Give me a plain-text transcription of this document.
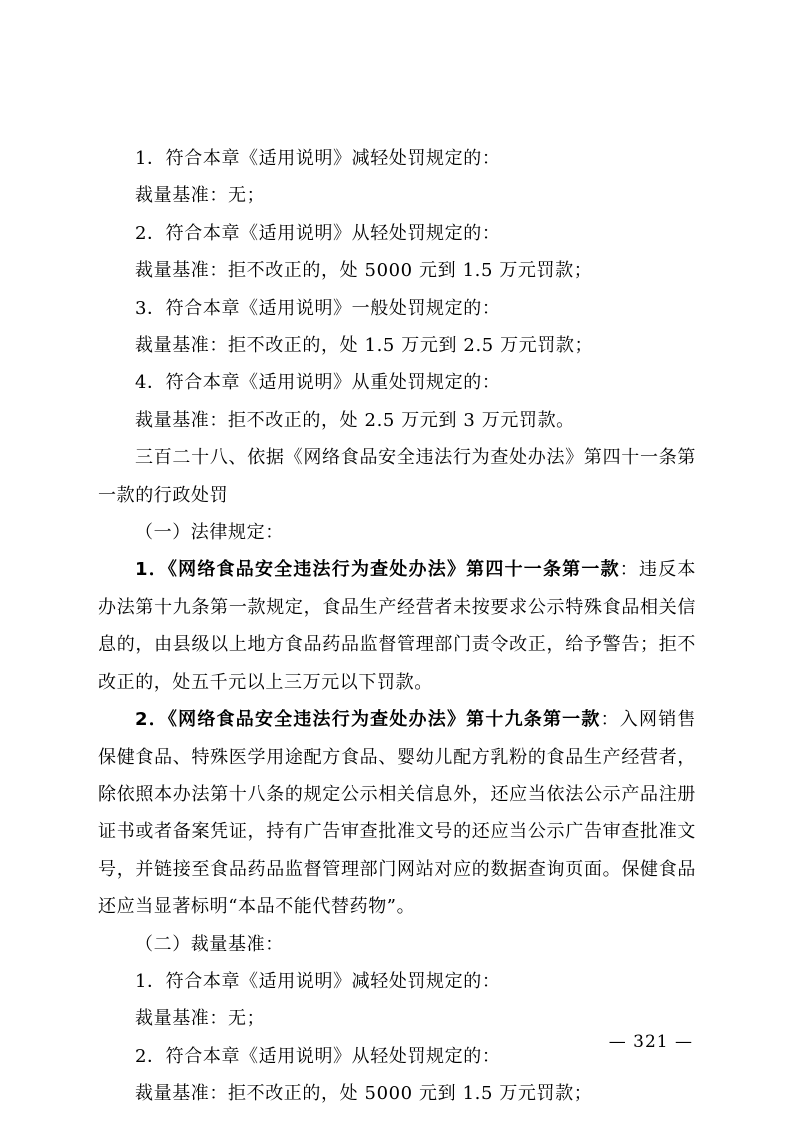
1．符合本章《适用说明》减轻处罚规定的：

裁量基准：无；

2．符合本章《适用说明》从轻处罚规定的：

裁量基准：拒不改正的，处 5000 元到 1.5 万元罚款；

3．符合本章《适用说明》一般处罚规定的：

裁量基准：拒不改正的，处 1.5 万元到 2.5 万元罚款；

4．符合本章《适用说明》从重处罚规定的：

裁量基准：拒不改正的，处 2.5 万元到 3 万元罚款。

三百二十八、依据《网络食品安全违法行为查处办法》第四十一条第一款的行政处罚

（一）法律规定：

1．《网络食品安全违法行为查处办法》第四十一条第一款：违反本办法第十九条第一款规定，食品生产经营者未按要求公示特殊食品相关信息的，由县级以上地方食品药品监督管理部门责令改正，给予警告；拒不改正的，处五千元以上三万元以下罚款。

2．《网络食品安全违法行为查处办法》第十九条第一款：入网销售保健食品、特殊医学用途配方食品、婴幼儿配方乳粉的食品生产经营者，除依照本办法第十八条的规定公示相关信息外，还应当依法公示产品注册证书或者备案凭证，持有广告审查批准文号的还应当公示广告审查批准文号，并链接至食品药品监督管理部门网站对应的数据查询页面。保健食品还应当显著标明“本品不能代替药物”。

（二）裁量基准：

1．符合本章《适用说明》减轻处罚规定的：

裁量基准：无；

2．符合本章《适用说明》从轻处罚规定的：

裁量基准：拒不改正的，处 5000 元到 1.5 万元罚款；

— 321 —
